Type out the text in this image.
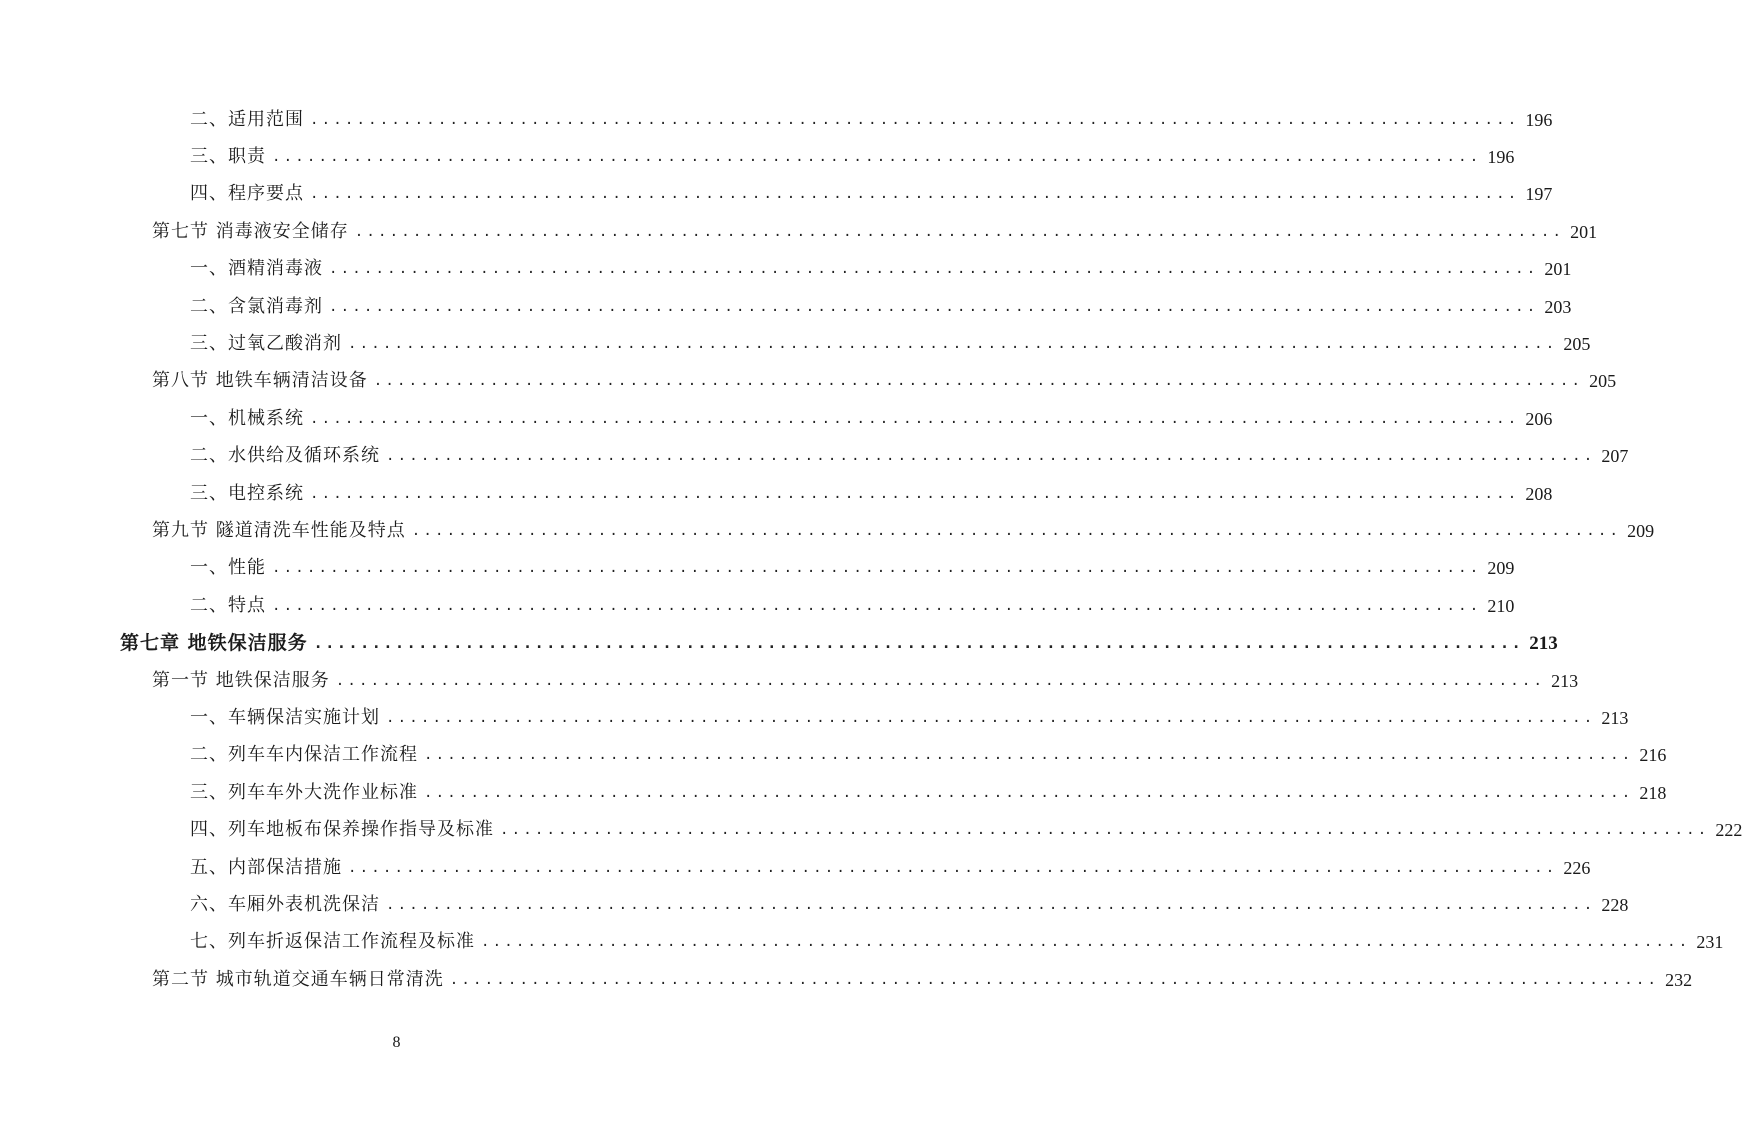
二、适用范围 ........................................................................................................ 196
三、职责 ........................................................................................................ 196
四、程序要点 ........................................................................................................ 197
第七节 消毒液安全储存 ........................................................................................................ 201
一、酒精消毒液 ........................................................................................................ 201
二、含氯消毒剂 ........................................................................................................ 203
三、过氧乙酸消剂 ........................................................................................................ 205
第八节 地铁车辆清洁设备 ........................................................................................................ 205
一、机械系统 ........................................................................................................ 206
二、水供给及循环系统 ........................................................................................................ 207
三、电控系统 ........................................................................................................ 208
第九节 隧道清洗车性能及特点 ........................................................................................................ 209
一、性能 ........................................................................................................ 209
二、特点 ........................................................................................................ 210
第七章 地铁保洁服务 ........................................................................................................ 213
第一节 地铁保洁服务 ........................................................................................................ 213
一、车辆保洁实施计划 ........................................................................................................ 213
二、列车车内保洁工作流程 ........................................................................................................ 216
三、列车车外大洗作业标准 ........................................................................................................ 218
四、列车地板布保养操作指导及标准 ........................................................................................................ 222
五、内部保洁措施 ........................................................................................................ 226
六、车厢外表机洗保洁 ........................................................................................................ 228
七、列车折返保洁工作流程及标准 ........................................................................................................ 231
第二节 城市轨道交通车辆日常清洗 ........................................................................................................ 232
8
